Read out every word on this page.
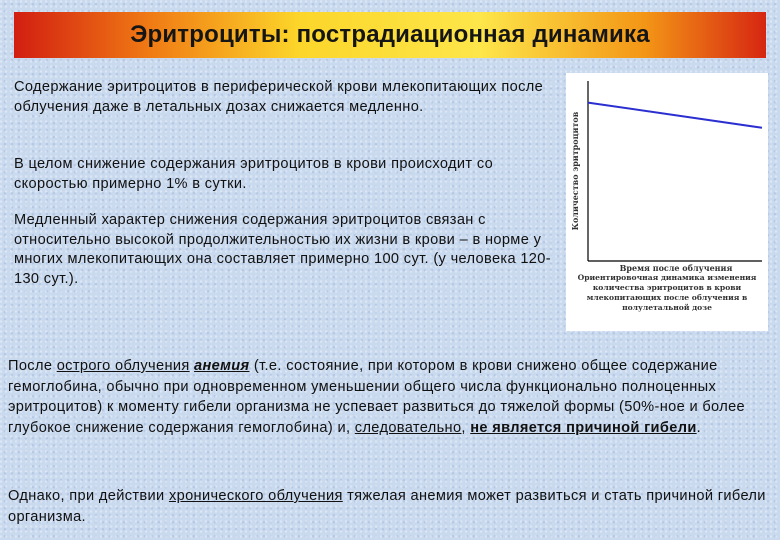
Эритроциты: пострадиационная динамика

Содержание эритроцитов в периферической крови млекопитающих после облучения даже в летальных дозах снижается медленно.

В целом снижение содержания эритроцитов в крови происходит со скоростью примерно 1% в сутки.

Медленный характер снижения содержания эритроцитов связан с относительно высокой продолжительностью их жизни в крови – в норме у многих млекопитающих она составляет примерно 100 сут. (у человека 120-130 сут.).

После острого облучения анемия (т.е. состояние, при котором в крови снижено общее содержание гемоглобина, обычно при одновременном уменьшении общего числа функционально полноценных эритроцитов) к моменту гибели организма не успевает развиться до тяжелой формы (50%-ное и более глубокое снижение содержания гемоглобина) и, следовательно, не является причиной гибели.

Однако, при действии хронического облучения тяжелая анемия может развиться и стать причиной гибели организма.

Количество эритроцитов
Время после облучения
Ориентировочная динамика изменения количества эритроцитов в крови млекопитающих после облучения в полулетальной дозе
